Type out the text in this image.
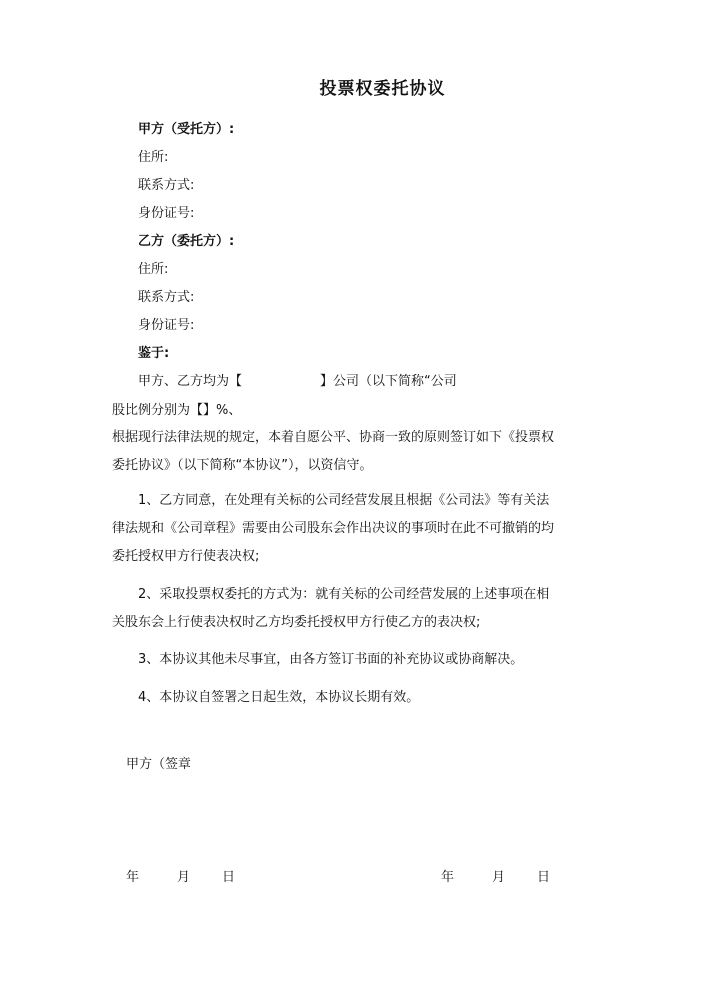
投票权委托协议
甲方（受托方）:
住所:
联系方式:
身份证号:
乙方（委托方）:
住所:
联系方式:
身份证号:
鉴于:
甲方、乙方均为【	】公司（以下简称“公司
股比例分别为【】%、
根据现行法律法规的规定，本着自愿公平、协商一致的原则签订如下《投票权
委托协议》（以下简称“本协议”），以资信守。
1、乙方同意，在处理有关标的公司经营发展且根据《公司法》等有关法
律法规和《公司章程》需要由公司股东会作出决议的事项时在此不可撤销的均
委托授权甲方行使表决权;
2、采取投票权委托的方式为：就有关标的公司经营发展的上述事项在相
关股东会上行使表决权时乙方均委托授权甲方行使乙方的表决权;
3、本协议其他未尽事宜，由各方签订书面的补充协议或协商解决。
4、本协议自签署之日起生效，本协议长期有效。
甲方（签章
年	月 日	年	月 日
